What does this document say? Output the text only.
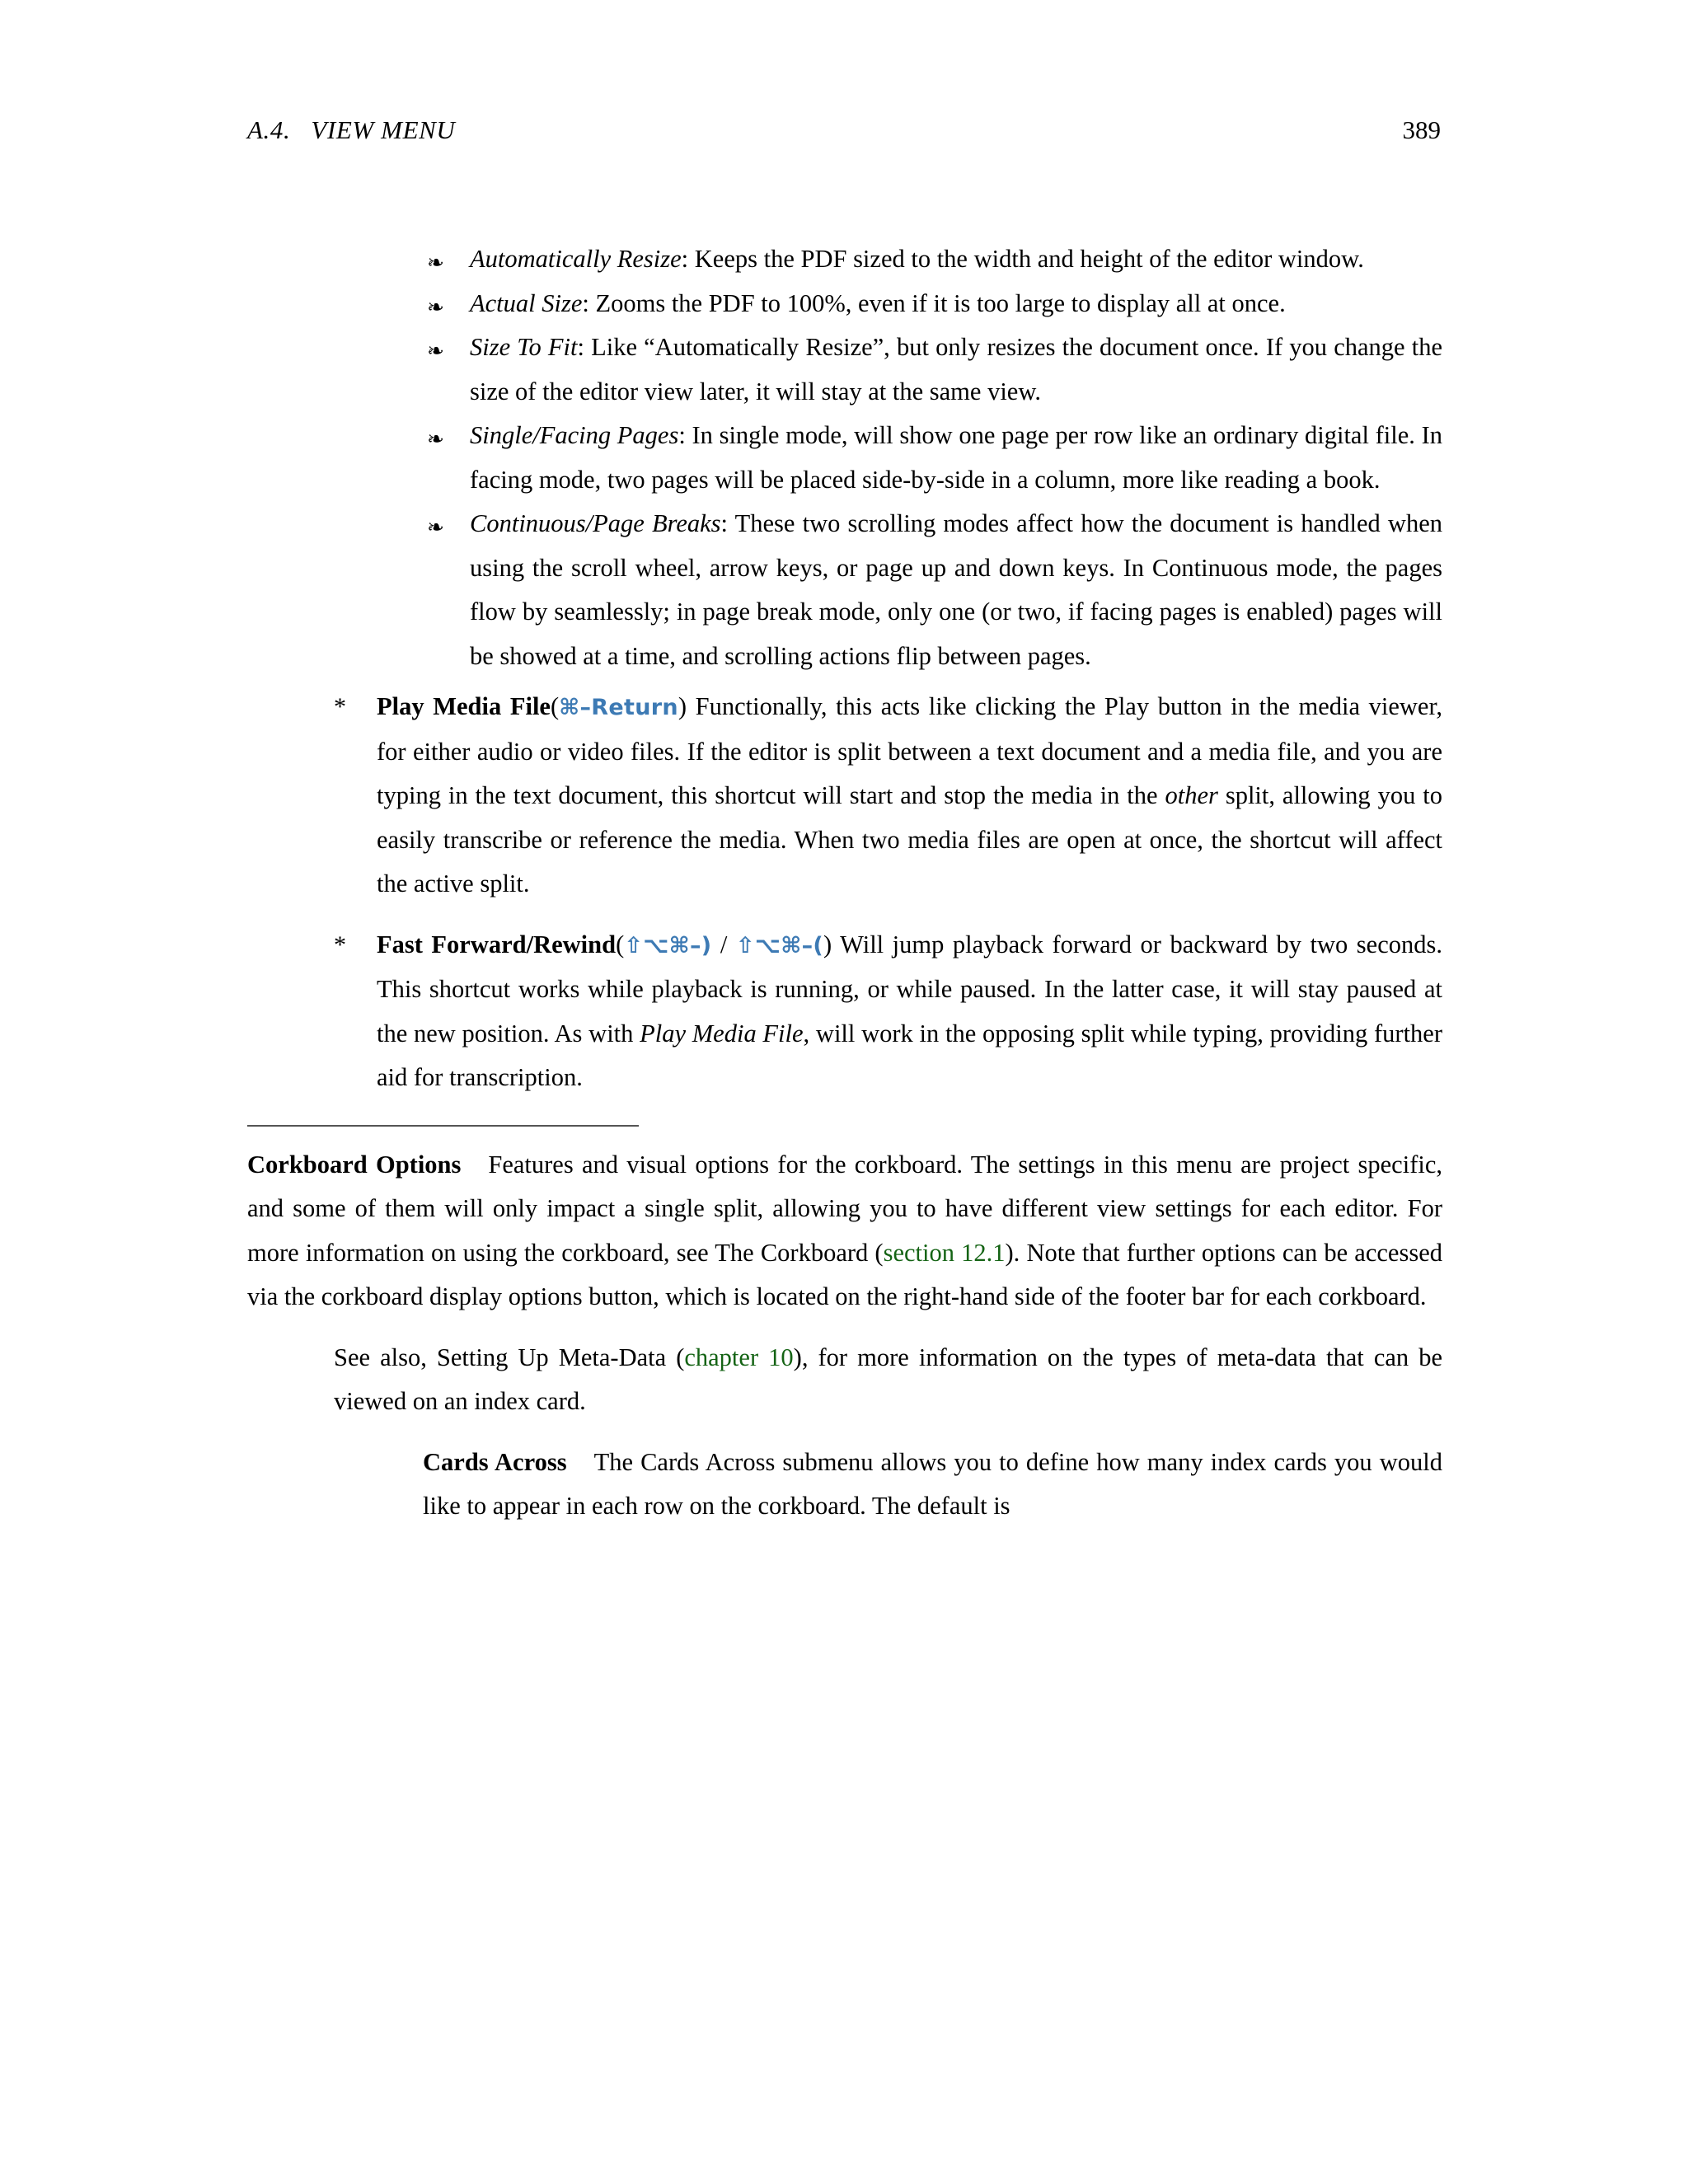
A.4.   VIEW MENU	389
❧ Automatically Resize: Keeps the PDF sized to the width and height of the editor window.

❧ Actual Size: Zooms the PDF to 100%, even if it is too large to display all at once.

❧ Size To Fit: Like “Automatically Resize”, but only resizes the document once. If you change the size of the editor view later, it will stay at the same view.

❧ Single/Facing Pages: In single mode, will show one page per row like an ordinary digital file. In facing mode, two pages will be placed side-by-side in a column, more like reading a book.

❧ Continuous/Page Breaks: These two scrolling modes affect how the document is handled when using the scroll wheel, arrow keys, or page up and down keys. In Continuous mode, the pages flow by seamlessly; in page break mode, only one (or two, if facing pages is enabled) pages will be showed at a time, and scrolling actions flip between pages.

* Play Media File(⌘–Return) Functionally, this acts like clicking the Play button in the media viewer, for either audio or video files. If the editor is split between a text document and a media file, and you are typing in the text document, this shortcut will start and stop the media in the other split, allowing you to easily transcribe or reference the media. When two media files are open at once, the shortcut will affect the active split.

* Fast Forward/Rewind(⇧⌥⌘–) / ⇧⌥⌘–() Will jump playback forward or backward by two seconds. This shortcut works while playback is running, or while paused. In the latter case, it will stay paused at the new position. As with Play Media File, will work in the opposing split while typing, providing further aid for transcription.

Corkboard Options Features and visual options for the corkboard. The settings in this menu are project specific, and some of them will only impact a single split, allowing you to have different view settings for each editor. For more information on using the corkboard, see The Corkboard (section 12.1). Note that further options can be accessed via the corkboard display options button, which is located on the right-hand side of the footer bar for each corkboard.

See also, Setting Up Meta-Data (chapter 10), for more information on the types of meta-data that can be viewed on an index card.

Cards Across The Cards Across submenu allows you to define how many index cards you would like to appear in each row on the corkboard. The default is
